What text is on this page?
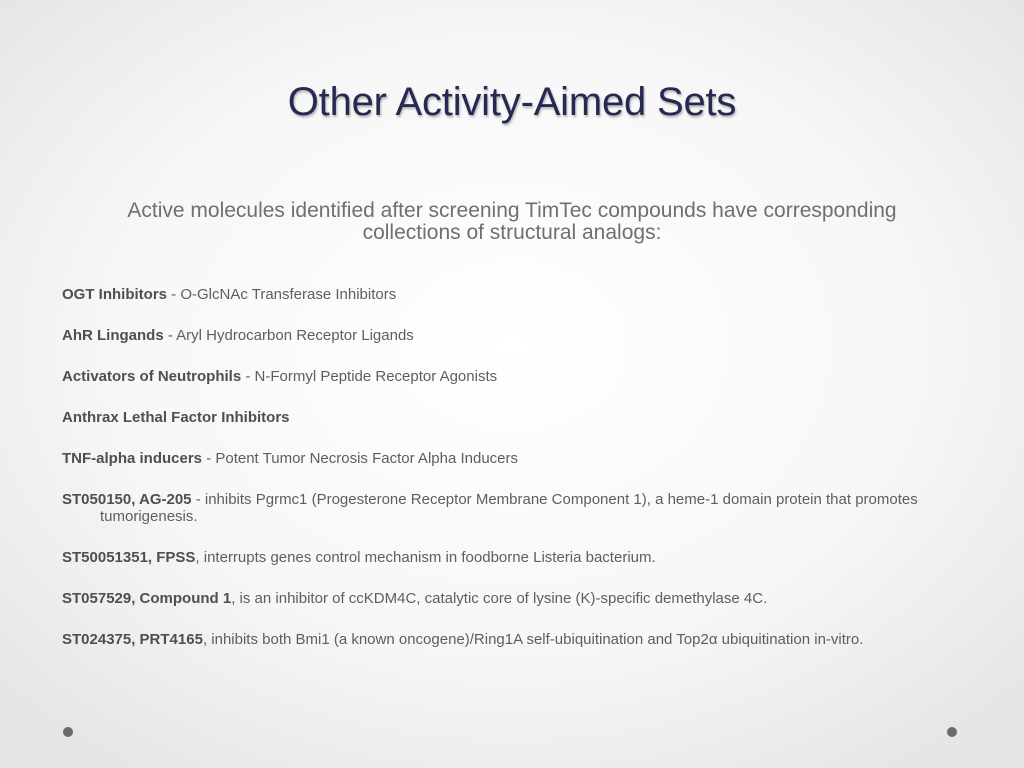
Other Activity-Aimed Sets
Active molecules identified after screening TimTec compounds have corresponding collections of structural analogs:

OGT Inhibitors - O-GlcNAc Transferase Inhibitors

AhR Lingands - Aryl Hydrocarbon Receptor Ligands

Activators of Neutrophils - N-Formyl Peptide Receptor Agonists

Anthrax Lethal Factor Inhibitors

TNF-alpha inducers - Potent Tumor Necrosis Factor Alpha Inducers

ST050150, AG-205 - inhibits Pgrmc1 (Progesterone Receptor Membrane Component 1), a heme-1 domain protein that promotes tumorigenesis.

ST50051351, FPSS, interrupts genes control mechanism in foodborne Listeria bacterium.

ST057529, Compound 1, is an inhibitor of ccKDM4C, catalytic core of lysine (K)-specific demethylase 4C.

ST024375, PRT4165, inhibits both Bmi1 (a known oncogene)/Ring1A self-ubiquitination and Top2α ubiquitination in-vitro.
